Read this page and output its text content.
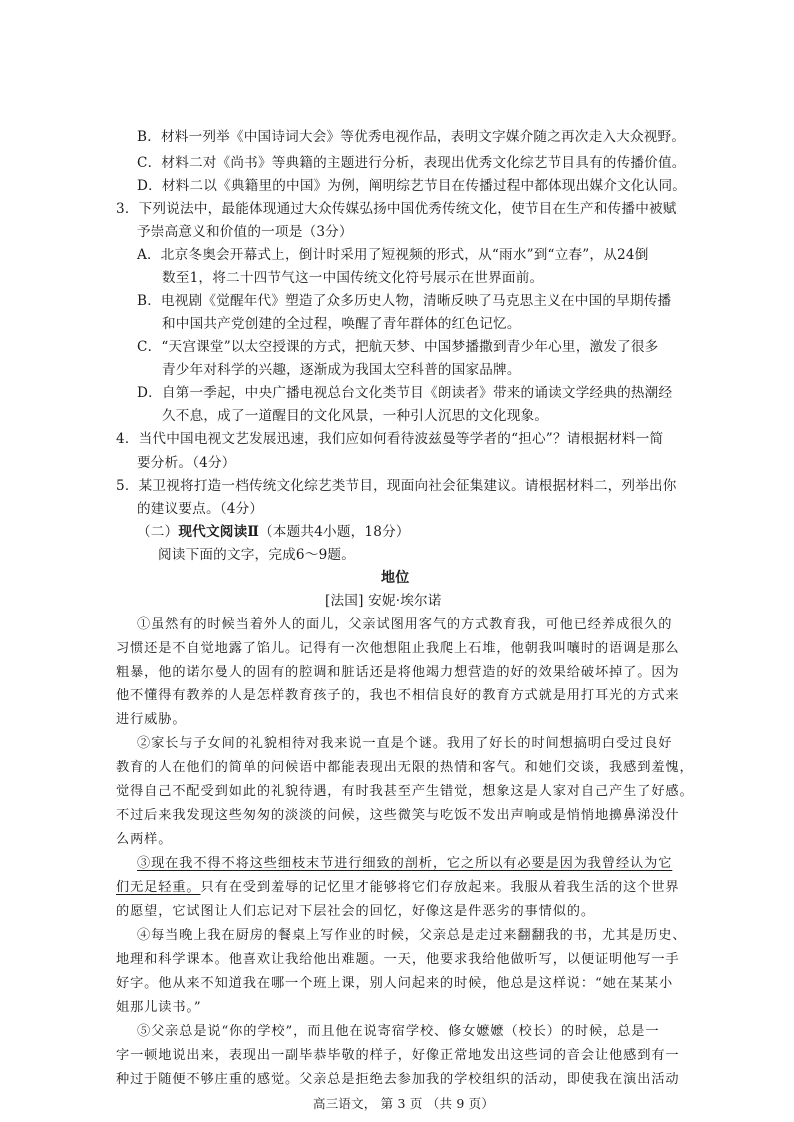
B．材料一列举《中国诗词大会》等优秀电视作品，表明文字媒介随之再次走入大众视野。
C．材料二对《尚书》等典籍的主题进行分析，表现出优秀文化综艺节目具有的传播价值。
D．材料二以《典籍里的中国》为例，阐明综艺节目在传播过程中都体现出媒介文化认同。
3．下列说法中，最能体现通过大众传媒弘扬中国优秀传统文化，使节目在生产和传播中被赋
予崇高意义和价值的一项是（3分）
A．北京冬奥会开幕式上，倒计时采用了短视频的形式，从“雨水”到“立春”，从24倒
数至1，将二十四节气这一中国传统文化符号展示在世界面前。
B．电视剧《觉醒年代》塑造了众多历史人物，清晰反映了马克思主义在中国的早期传播
和中国共产党创建的全过程，唤醒了青年群体的红色记忆。
C．“天宫课堂”以太空授课的方式，把航天梦、中国梦播撒到青少年心里，激发了很多
青少年对科学的兴趣，逐渐成为我国太空科普的国家品牌。
D．自第一季起，中央广播电视总台文化类节目《朗读者》带来的诵读文学经典的热潮经
久不息，成了一道醒目的文化风景，一种引人沉思的文化现象。
4．当代中国电视文艺发展迅速，我们应如何看待波兹曼等学者的“担心”？请根据材料一简
要分析。（4分）
5．某卫视将打造一档传统文化综艺类节目，现面向社会征集建议。请根据材料二，列举出你
的建议要点。（4分）
（二）现代文阅读Ⅱ（本题共4小题，18分）
阅读下面的文字，完成6～9题。
地位
[法国] 安妮·埃尔诺
①虽然有的时候当着外人的面儿，父亲试图用客气的方式教育我，可他已经养成很久的
习惯还是不自觉地露了馅儿。记得有一次他想阻止我爬上石堆，他朝我叫嚷时的语调是那么
粗暴，他的诺尔曼人的固有的腔调和脏话还是将他竭力想营造的好的效果给破坏掉了。因为
他不懂得有教养的人是怎样教育孩子的，我也不相信良好的教育方式就是用打耳光的方式来
进行威胁。
②家长与子女间的礼貌相待对我来说一直是个谜。我用了好长的时间想搞明白受过良好
教育的人在他们的简单的问候语中都能表现出无限的热情和客气。和她们交谈，我感到羞愧，
觉得自己不配受到如此的礼貌待遇，有时我甚至产生错觉，想象这是人家对自己产生了好感。
不过后来我发现这些匆匆的淡淡的问候，这些微笑与吃饭不发出声响或是悄悄地擤鼻涕没什
么两样。
③现在我不得不将这些细枝末节进行细致的剖析，它之所以有必要是因为我曾经认为它
们无足轻重。只有在受到羞辱的记忆里才能够将它们存放起来。我服从着我生活的这个世界
的愿望，它试图让人们忘记对下层社会的回忆，好像这是件恶劣的事情似的。
④每当晚上我在厨房的餐桌上写作业的时候，父亲总是走过来翻翻我的书，尤其是历史、
地理和科学课本。他喜欢让我给他出难题。一天，他要求我给他做听写，以便证明他写一手
好字。他从来不知道我在哪一个班上课，别人问起来的时候，他总是这样说：“她在某某小
姐那儿读书。”
⑤父亲总是说“你的学校”，而且他在说寄宿学校、修女嬷嬷（校长）的时候，总是一
字一顿地说出来，表现出一副毕恭毕敬的样子，好像正常地发出这些词的音会让他感到有一
种过于随便不够庄重的感觉。父亲总是拒绝去参加我的学校组织的活动，即使我在演出活动
高三语文， 第 3 页 （共 9 页）
